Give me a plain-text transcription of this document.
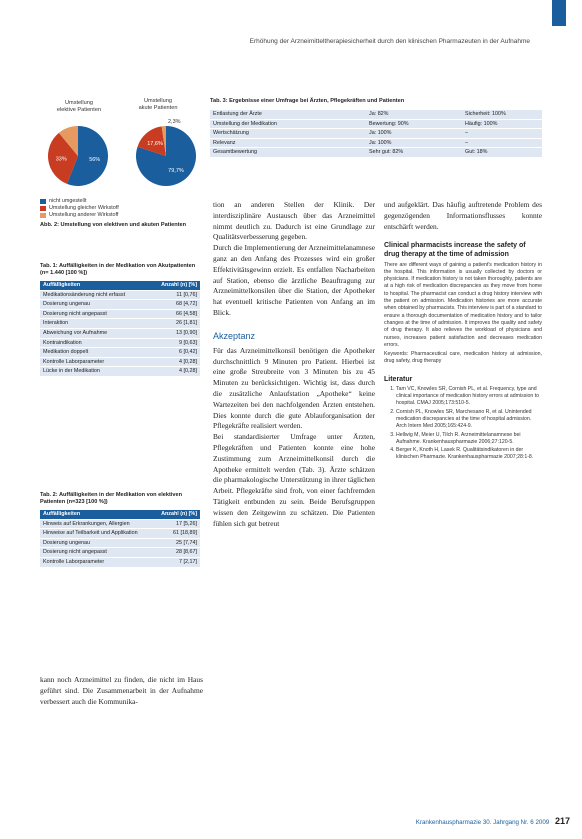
Erhöhung der Arzneimitteltherapiesicherheit durch den klinischen Pharmazeuten in der Aufnahme
Umstellung
elektive Patienten
Umstellung
akute Patienten
56%
33%
79,7%
17,6%
2,3%
nicht umgestellt
Umstellung gleicher Wirkstoff
Umstellung anderer Wirkstoff
Abb. 2: Umstellung von elektiven und akuten Patienten
Tab. 1: Auffälligkeiten in der Medikation von Akutpatienten (n= 1.440 [100 %])
Auffälligkeiten	Anzahl (n) [%]
Medikationsänderung nicht erfasst	11 [0,76]
Dosierung ungenau	68 [4,72]
Dosierung nicht angepasst	66 [4,58]
Interaktion	26 [1,81]
Abweichung vor Aufnahme	13 [0,90]
Kontraindikation	9 [0,63]
Medikation doppelt	6 [0,42]
Kontrolle Laborparameter	4 [0,28]
Lücke in der Medikation	4 [0,28]
Tab. 2: Auffälligkeiten in der Medikation von elektiven Patienten (n=323 [100 %])
Auffälligkeiten	Anzahl (n) [%]
Hinweis auf Erkrankungen, Allergien	17 [5,26]
Hinweise auf Teilbarkeit und Applikation	61 [18,89]
Dosierung ungenau	25 [7,74]
Dosierung nicht angepasst	28 [8,67]
Kontrolle Laborparameter	7 [2,17]
kann noch Arzneimittel zu finden, die nicht im Haus geführt sind. Die Zusammenarbeit in der Aufnahme verbessert auch die Kommunika-
Tab. 3: Ergebnisse einer Umfrage bei Ärzten, Pflegekräften und Patienten
Entlastung der Ärzte	Ja: 82%	Sicherheit: 100%
Umstellung der Medikation	Bewertung: 90%	Häufig: 100%
Wertschätzung	Ja: 100%	–
Relevanz	Ja: 100%	–
Gesamtbewertung	Sehr gut: 82%	Gut: 18%

tion an anderen Stellen der Klinik. Der interdisziplinäre Austausch über das Arzneimittel nimmt deutlich zu. Dadurch ist eine Grundlage zur Qualitätsverbesserung gegeben.

Durch die Implementierung der Arzneimittelanamnese ganz an den Anfang des Prozesses wird ein großer Effektivitätsgewinn erzielt. Es entfallen Nacharbeiten auf Station, ebenso die ärztliche Beauftragung zur Arzneimittelkonsilen über die Station, der Apotheker hat eventuell kritische Patienten von Anfang an im Blick.

Akzeptanz

Für das Arzneimittelkonsil benötigen die Apotheker durchschnittlich 9 Minuten pro Patient. Hierbei ist eine große Streubreite von 3 Minuten bis zu 45 Minuten zu berücksichtigen. Wichtig ist, dass durch die zusätzliche Anlaufstation „Apotheke“ keine Wartezeiten bei den nachfolgenden Ärzten entstehen. Dies konnte durch die gute Ablauforganisation der Pflegekräfte realisiert werden.

Bei standardisierter Umfrage unter Ärzten, Pflegekräften und Patienten konnte eine hohe Zustimmung zum Arzneimittelkonsil durch die Apotheke ermittelt werden (Tab. 3). Ärzte schätzen die pharmakologische Unterstützung in ihrer täglichen Arbeit. Pflegekräfte sind froh, von einer fachfremden Tätigkeit entbunden zu sein. Beide Berufsgruppen wissen den Zeitgewinn zu schätzen. Die Patienten fühlen sich gut betreut

und aufgeklärt. Das häufig auftretende Problem des gegenzögenden Informationsflusses konnte entschärft werden.

Clinical pharmacists increase the safety of drug therapy at the time of admission

There are different ways of gaining a patient's medication history in the hospital. This information is usually collected by doctors or physicians. If medication history is not taken thoroughly, patients are at a high risk of medication discrepancies as they move from home to hospital. The pharmacist can conduct a drug history interview with the patient on admission. Medication histories are more accurate when obtained by pharmacists. This interview is part of a standard to ensure a thorough documentation of medication history and to tailor changes at the time of admission. It improves the quality and safety of drug therapy. It also relieves the workload of physicians and nurses, increases patient satisfaction and decreases medication errors.

Keywords: Pharmaceutical care, medication history at admission, drug safety, drug therapy

Literatur
1. Tam VC, Knowles SR, Cornish PL, et al. Frequency, type and clinical importance of medication history errors at admission to hospital. CMAJ 2005;173:510-5.
2. Cornish PL, Knowles SR, Marchesano R, et al. Unintended medication discrepancies at the time of hospital admission. Arch Intern Med 2005;165:424-9.
3. Hellwig M, Meier U, Tilch R. Arzneimittelanamnese bei Aufnahme. Krankenhauspharmazie 2006;27:120-5.
4. Berger K, Knoth H, Lasek R. Qualitätsindikatoren in der klinischen Pharmazie. Krankenhauspharmazie 2007;28:1-8.
Krankenhauspharmazie 30. Jahrgang Nr. 6 2009 217
